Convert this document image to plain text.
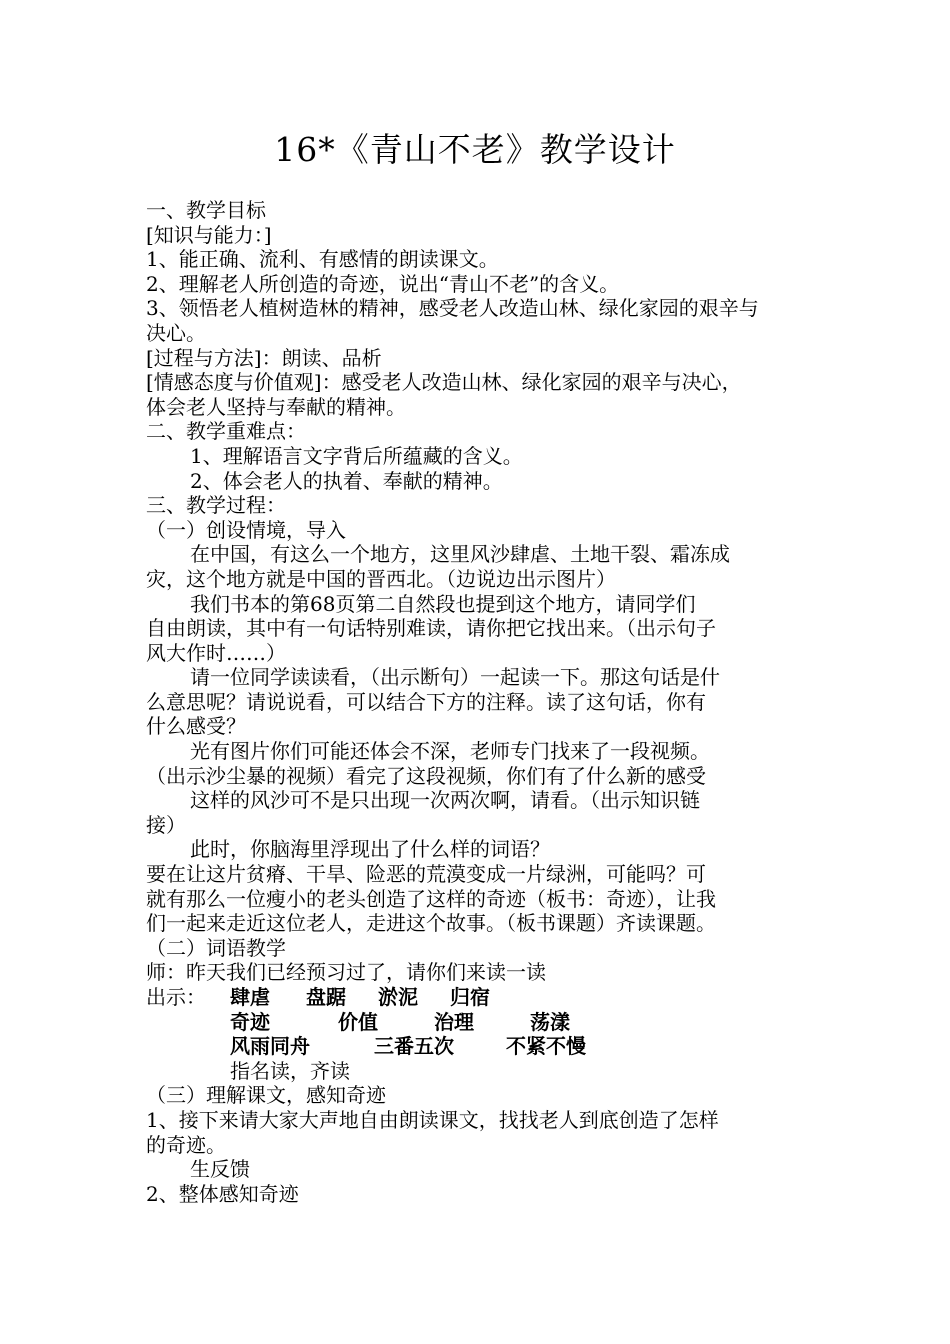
16*《青山不老》教学设计
一、教学目标
[知识与能力：]
1、能正确、流利、有感情的朗读课文。
2、理解老人所创造的奇迹，说出“青山不老”的含义。
3、领悟老人植树造林的精神，感受老人改造山林、绿化家园的艰辛与
决心。
[过程与方法]：朗读、品析
[情感态度与价值观]：感受老人改造山林、绿化家园的艰辛与决心，
体会老人坚持与奉献的精神。
二、教学重难点：
1、理解语言文字背后所蕴藏的含义。
2、体会老人的执着、奉献的精神。
三、教学过程：
（一）创设情境，导入
在中国，有这么一个地方，这里风沙肆虐、土地干裂、霜冻成
灾，这个地方就是中国的晋西北。（边说边出示图片）
我们书本的第68页第二自然段也提到这个地方，请同学们
自由朗读，其中有一句话特别难读，请你把它找出来。（出示句子
风大作时……）
请一位同学读读看，（出示断句）一起读一下。那这句话是什
么意思呢？请说说看，可以结合下方的注释。读了这句话，你有
什么感受？
光有图片你们可能还体会不深，老师专门找来了一段视频。
（出示沙尘暴的视频）看完了这段视频，你们有了什么新的感受
这样的风沙可不是只出现一次两次啊，请看。（出示知识链
接）
此时，你脑海里浮现出了什么样的词语？
要在让这片贫瘠、干旱、险恶的荒漠变成一片绿洲，可能吗？可
就有那么一位瘦小的老头创造了这样的奇迹（板书：奇迹），让我
们一起来走近这位老人，走进这个故事。（板书课题）齐读课题。
（二）词语教学
师：昨天我们已经预习过了，请你们来读一读
出示： 肆虐 盘踞 淤泥 归宿
奇迹	价值	治理	荡漾
风雨同舟	三番五次	不紧不慢
指名读，齐读
（三）理解课文，感知奇迹
1、接下来请大家大声地自由朗读课文，找找老人到底创造了怎样
的奇迹。
生反馈
2、整体感知奇迹
